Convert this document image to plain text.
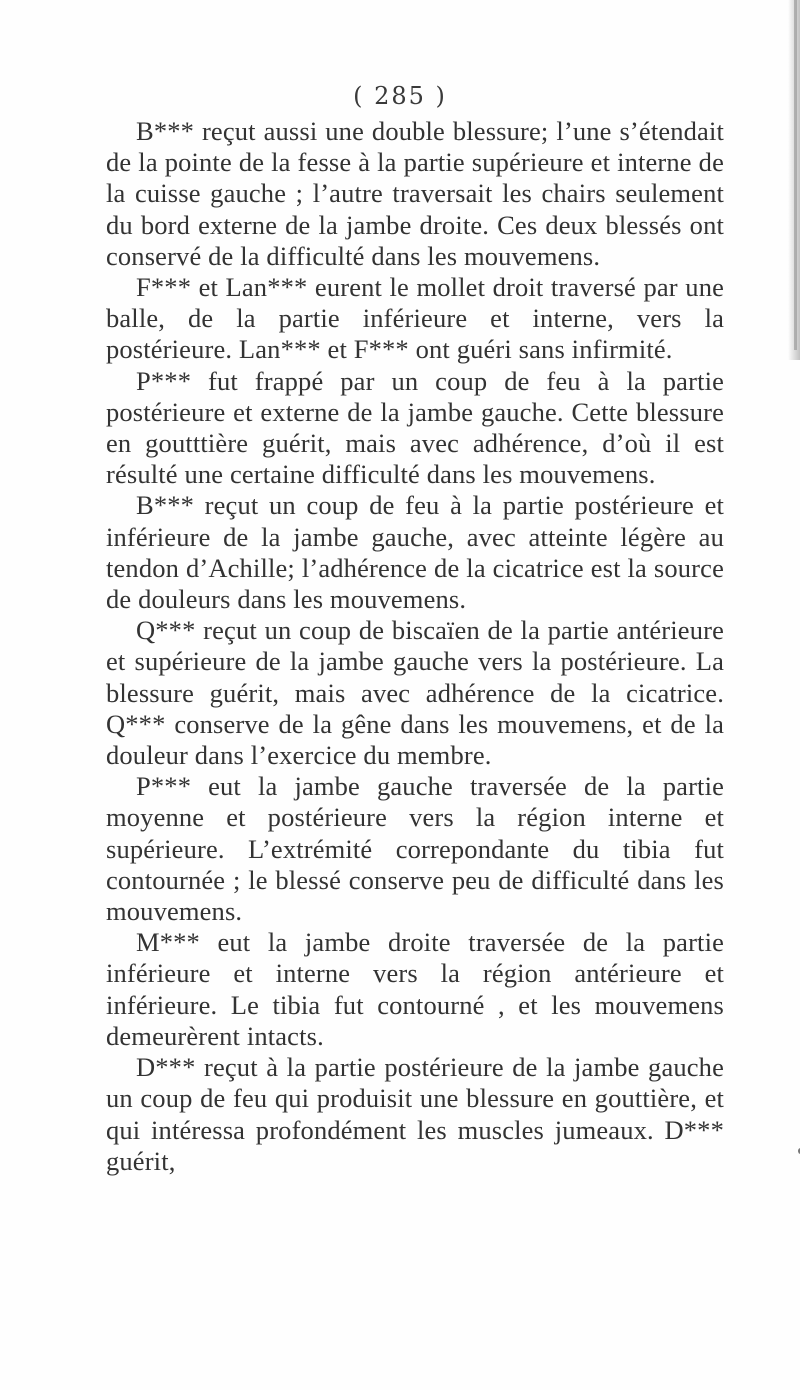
( 285 )

B*** reçut aussi une double blessure; l’une s’étendait de la pointe de la fesse à la partie supérieure et interne de la cuisse gauche ; l’autre traversait les chairs seulement du bord externe de la jambe droite. Ces deux blessés ont conservé de la difficulté dans les mouvemens.

F*** et Lan*** eurent le mollet droit traversé par une balle, de la partie inférieure et interne, vers la postérieure. Lan*** et F*** ont guéri sans infirmité.

P*** fut frappé par un coup de feu à la partie postérieure et externe de la jambe gauche. Cette blessure en goutttière guérit, mais avec adhérence, d’où il est résulté une certaine difficulté dans les mouvemens.

B*** reçut un coup de feu à la partie postérieure et inférieure de la jambe gauche, avec atteinte légère au tendon d’Achille; l’adhérence de la cicatrice est la source de douleurs dans les mouvemens.

Q*** reçut un coup de biscaïen de la partie antérieure et supérieure de la jambe gauche vers la postérieure. La blessure guérit, mais avec adhérence de la cicatrice. Q*** conserve de la gêne dans les mouvemens, et de la douleur dans l’exercice du membre.

P*** eut la jambe gauche traversée de la partie moyenne et postérieure vers la région interne et supérieure. L’extrémité correpondante du tibia fut contournée ; le blessé conserve peu de difficulté dans les mouvemens.

M*** eut la jambe droite traversée de la partie inférieure et interne vers la région antérieure et inférieure. Le tibia fut contourné , et les mouvemens demeurèrent intacts.

D*** reçut à la partie postérieure de la jambe gauche un coup de feu qui produisit une blessure en gouttière, et qui intéressa profondément les muscles jumeaux. D*** guérit,
